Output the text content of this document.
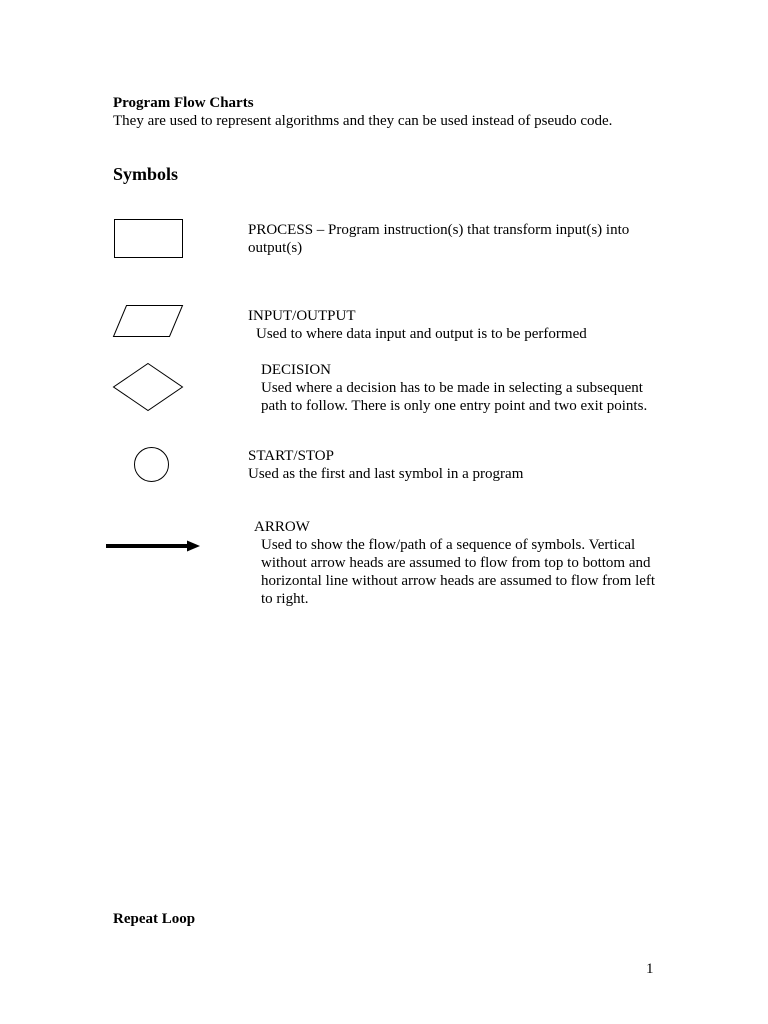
Program Flow Charts
They are used to represent algorithms and they can be used instead of pseudo code.
Symbols
PROCESS – Program instruction(s) that transform input(s) into output(s)
INPUT/OUTPUT
Used to where data input and output is to be performed
DECISION
Used where a decision has to be made in selecting a subsequent path to follow. There is only one entry point and two exit points.
START/STOP
Used as the first and last symbol in a program
ARROW
Used to show the flow/path of a sequence of symbols. Vertical without arrow heads are assumed to flow from top to bottom and horizontal line without arrow heads are assumed to flow from left to right.
Repeat Loop
1
